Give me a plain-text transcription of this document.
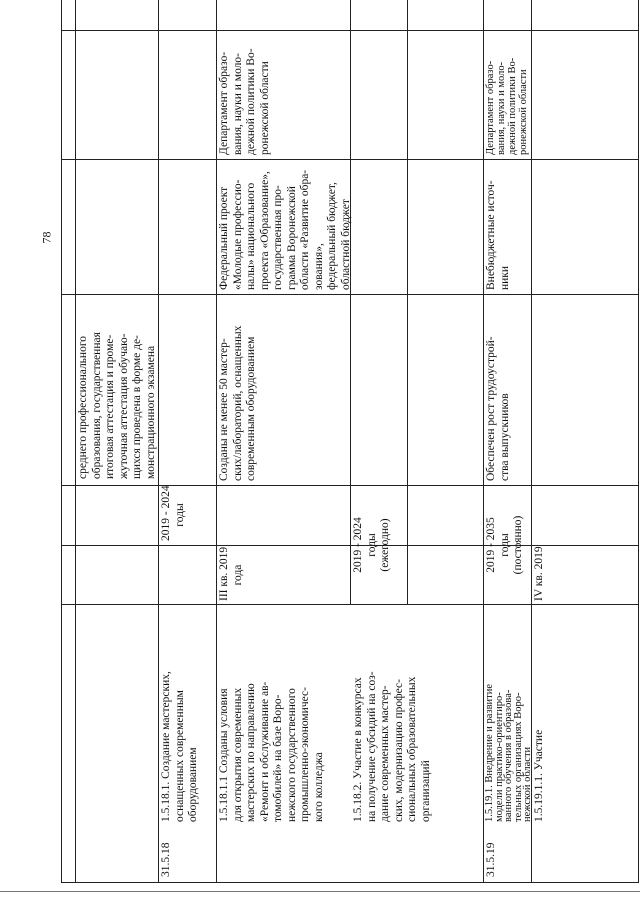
78

среднего профессионального образования, государственная итоговая аттестация и проме- жуточная аттестация обучаю- щихся проведена в форме де- монстрационного экзамена

31.5.18

1.5.18.1. Создание мастерских, оснащенных современным оборудованием

2019 - 2024 годы

Созданы не менее 50 мастер- ских/лабораторий, оснащенных современным оборудованием

Федеральный проект «Молодые профессио- налы» национального проекта «Образование», государственная про- грамма Воронежской области «Развитие обра- зования», федеральный бюджет, областной бюджет

Департамент образо- вания, науки и моло- дежной политики Во- ронежской области

1.5.18.1.1 Созданы условия для открытия современных мастерских по направлению «Ремонт и обслуживание ав- томобилей» на базе Воро- нежского государственного промышленно-экономичес- кого колледжа

III кв. 2019 года

1.5.18.2. Участие в конкурсах на получение субсидий на соз- дание современных мастер- ских, модернизацию профес- сиональных образовательных организаций

2019 - 2024 годы (ежегодно)

31.5.19

1.5.19.1. Внедрение и развитие

модели практико-ориентиро-

ванного обучения в образова-

тельных организациях Воро-

нежской области

2019 - 2035 годы (постоянно)

Обеспечен рост трудоустрой- ства выпускников

Внебюджетные источ- ники

Департамент образо- вания, науки и моло- дежной политики Во- ронежской области

1.5.19.1.1. Участие

IV кв. 2019
